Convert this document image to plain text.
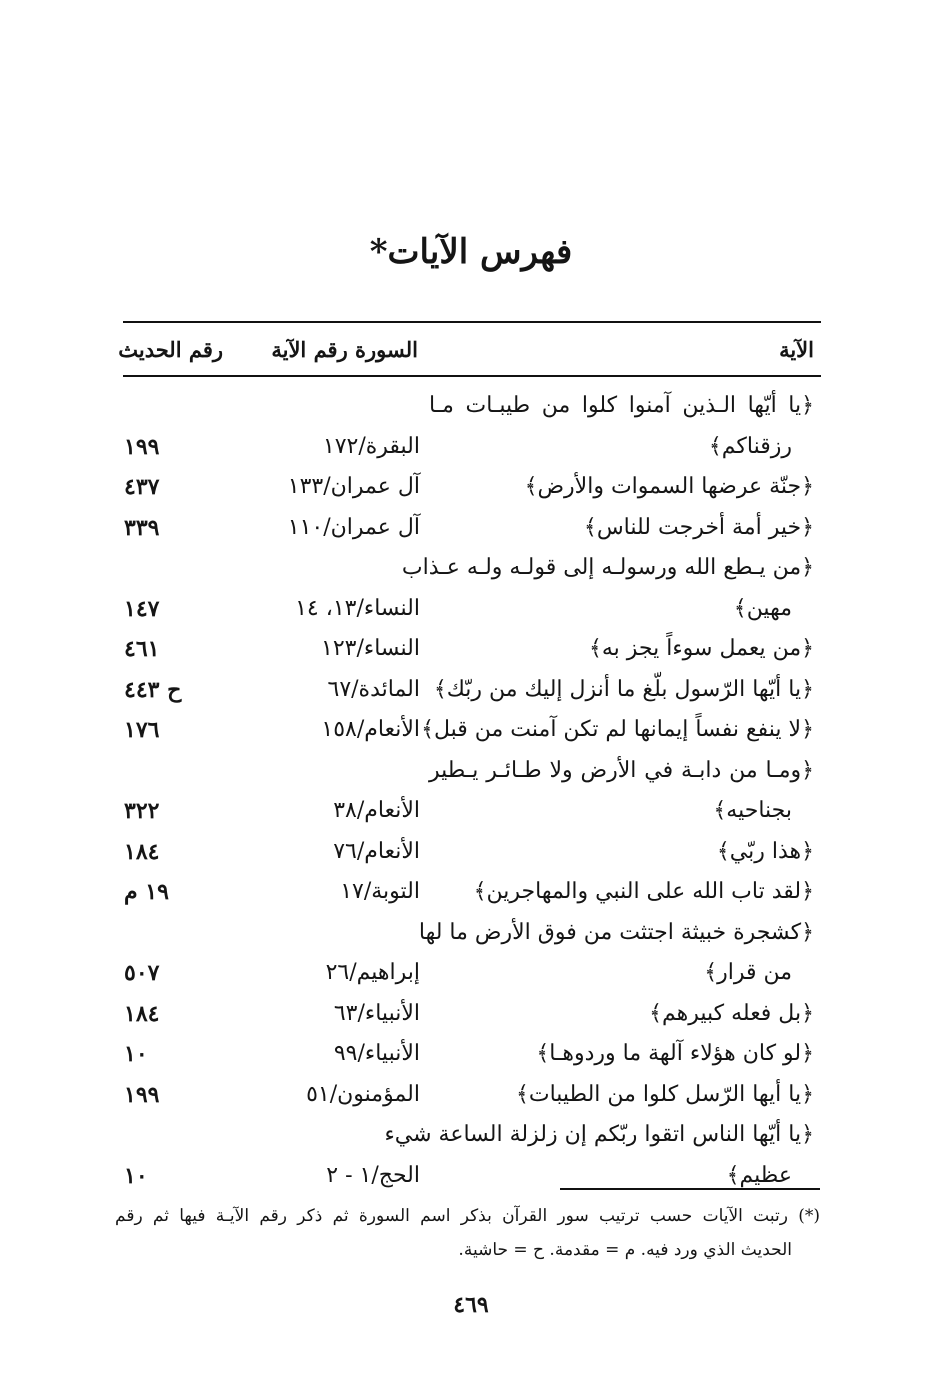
فهرس الآيات*
الآية
السورة رقم الآية
رقم الحديث
﴿يا أيّها الـذين آمنوا كلوا من طيبـات مـا
رزقناكم﴾
البقرة/١٧٢
١٩٩
﴿جنّة عرضها السموات والأرض﴾
آل عمران/١٣٣
٤٣٧
﴿خير أمة أخرجت للناس﴾
آل عمران/١١٠
٣٣٩
﴿من يـطع الله ورسولـه إلى قولـه ولـه عـذاب
مهين﴾
النساء/١٣، ١٤
١٤٧
﴿من يعمل سوءاً يجز به﴾
النساء/١٢٣
٤٦١
﴿يا أيّها الرّسول بلّغ ما أنزل إليك من ربّك﴾
المائدة/٦٧
ح ٤٤٣
﴿لا ينفع نفساً إيمانها لم تكن آمنت من قبل﴾
الأنعام/١٥٨
١٧٦
﴿ومـا من دابـة في الأرض ولا طـائـر يـطير
بجناحيه﴾
الأنعام/٣٨
٣٢٢
﴿هذا ربّي﴾
الأنعام/٧٦
١٨٤
﴿لقد تاب الله على النبي والمهاجرين﴾
التوبة/١٧
١٩ م
﴿كشجرة خبيثة اجتثت من فوق الأرض ما لها
من قرار﴾
إبراهيم/٢٦
٥٠٧
﴿بل فعله كبيرهم﴾
الأنبياء/٦٣
١٨٤
﴿لو كان هؤلاء آلهة ما وردوهـا﴾
الأنبياء/٩٩
١٠
﴿يا أيها الرّسل كلوا من الطيبات﴾
المؤمنون/٥١
١٩٩
﴿يا أيّها الناس اتقوا ربّكم إن زلزلة الساعة شيء
عظيم﴾
الحج/١ - ٢
١٠

(*) رتبت الآيات حسب ترتيب سور القرآن بذكر اسم السورة ثم ذكر رقم الآيـة فيها ثم رقم

الحديث الذي ورد فيه. م = مقدمة. ح = حاشية.

٤٦٩
